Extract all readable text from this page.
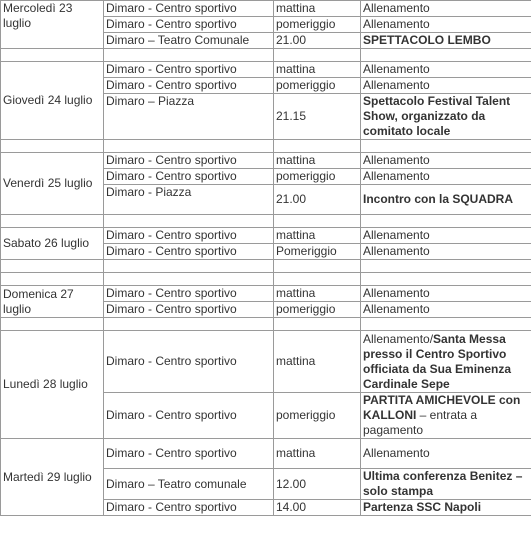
Mercoledì 23 luglio	Dimaro - Centro sportivo	mattina	Allenamento
	Dimaro - Centro sportivo	pomeriggio	Allenamento
	Dimaro – Teatro Comunale	21.00	SPETTACOLO LEMBO

Giovedì 24 luglio	Dimaro - Centro sportivo	mattina	Allenamento
	Dimaro - Centro sportivo	pomeriggio	Allenamento
	Dimaro – Piazza	21.15	Spettacolo Festival Talent Show, organizzato da comitato locale

Venerdì 25 luglio	Dimaro - Centro sportivo	mattina	Allenamento
	Dimaro - Centro sportivo	pomeriggio	Allenamento
	Dimaro - Piazza	21.00	Incontro con la SQUADRA

Sabato 26 luglio	Dimaro - Centro sportivo	mattina	Allenamento
	Dimaro - Centro sportivo	Pomeriggio	Allenamento

Domenica 27 luglio	Dimaro - Centro sportivo	mattina	Allenamento
	Dimaro - Centro sportivo	pomeriggio	Allenamento

Lunedì 28 luglio	Dimaro - Centro sportivo	mattina	Allenamento/Santa Messa presso il Centro Sportivo officiata da Sua Eminenza Cardinale Sepe
	Dimaro - Centro sportivo	pomeriggio	PARTITA AMICHEVOLE con KALLONI – entrata a pagamento
Martedì 29 luglio	Dimaro - Centro sportivo	mattina	Allenamento
	Dimaro – Teatro comunale	12.00	Ultima conferenza Benitez – solo stampa
	Dimaro - Centro sportivo	14.00	Partenza SSC Napoli
